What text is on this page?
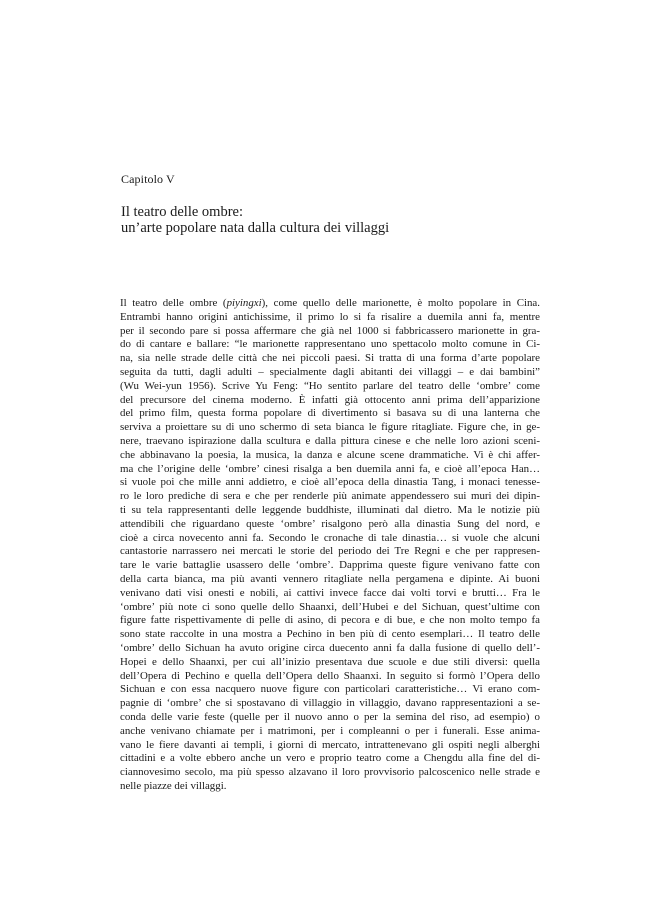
Capitolo V
Il teatro delle ombre:
un’arte popolare nata dalla cultura dei villaggi
Il teatro delle ombre (piyingxi), come quello delle marionette, è molto popolare in Cina.
Entrambi hanno origini antichissime, il primo lo si fa risalire a duemila anni fa, mentre
per il secondo pare si possa affermare che già nel 1000 si fabbricassero marionette in gra-
do di cantare e ballare: “le marionette rappresentano uno spettacolo molto comune in Ci-
na, sia nelle strade delle città che nei piccoli paesi. Si tratta di una forma d’arte popolare
seguita da tutti, dagli adulti – specialmente dagli abitanti dei villaggi – e dai bambini”
(Wu Wei-yun 1956). Scrive Yu Feng: “Ho sentito parlare del teatro delle ‘ombre’ come
del precursore del cinema moderno. È infatti già ottocento anni prima dell’apparizione
del primo film, questa forma popolare di divertimento si basava su di una lanterna che
serviva a proiettare su di uno schermo di seta bianca le figure ritagliate. Figure che, in ge-
nere, traevano ispirazione dalla scultura e dalla pittura cinese e che nelle loro azioni sceni-
che abbinavano la poesia, la musica, la danza e alcune scene drammatiche. Vi è chi affer-
ma che l’origine delle ‘ombre’ cinesi risalga a ben duemila anni fa, e cioè all’epoca Han…
si vuole poi che mille anni addietro, e cioè all’epoca della dinastia Tang, i monaci tenesse-
ro le loro prediche di sera e che per renderle più animate appendessero sui muri dei dipin-
ti su tela rappresentanti delle leggende buddhiste, illuminati dal dietro. Ma le notizie più
attendibili che riguardano queste ‘ombre’ risalgono però alla dinastia Sung del nord, e
cioè a circa novecento anni fa. Secondo le cronache di tale dinastia… si vuole che alcuni
cantastorie narrassero nei mercati le storie del periodo dei Tre Regni e che per rappresen-
tare le varie battaglie usassero delle ‘ombre’. Dapprima queste figure venivano fatte con
della carta bianca, ma più avanti vennero ritagliate nella pergamena e dipinte. Ai buoni
venivano dati visi onesti e nobili, ai cattivi invece facce dai volti torvi e brutti… Fra le
‘ombre’ più note ci sono quelle dello Shaanxi, dell’Hubei e del Sichuan, quest’ultime con
figure fatte rispettivamente di pelle di asino, di pecora e di bue, e che non molto tempo fa
sono state raccolte in una mostra a Pechino in ben più di cento esemplari… Il teatro delle
‘ombre’ dello Sichuan ha avuto origine circa duecento anni fa dalla fusione di quello dell’-
Hopei e dello Shaanxi, per cui all’inizio presentava due scuole e due stili diversi: quella
dell’Opera di Pechino e quella dell’Opera dello Shaanxi. In seguito si formò l’Opera dello
Sichuan e con essa nacquero nuove figure con particolari caratteristiche… Vi erano com-
pagnie di ‘ombre’ che si spostavano di villaggio in villaggio, davano rappresentazioni a se-
conda delle varie feste (quelle per il nuovo anno o per la semina del riso, ad esempio) o
anche venivano chiamate per i matrimoni, per i compleanni o per i funerali. Esse anima-
vano le fiere davanti ai templi, i giorni di mercato, intrattenevano gli ospiti negli alberghi
cittadini e a volte ebbero anche un vero e proprio teatro come a Chengdu alla fine del di-
ciannovesimo secolo, ma più spesso alzavano il loro provvisorio palcoscenico nelle strade e
nelle piazze dei villaggi.
